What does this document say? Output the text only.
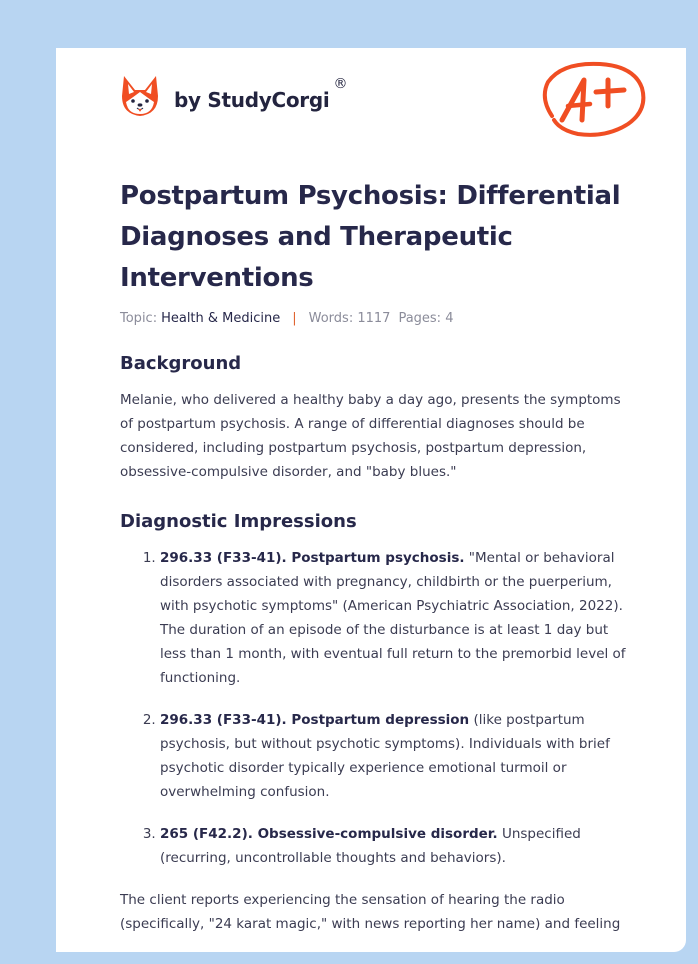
by StudyCorgi
®
Postpartum Psychosis: Differential Diagnoses and Therapeutic Interventions
Topic: Health & Medicine | Words: 1117 Pages: 4
Background

Melanie, who delivered a healthy baby a day ago, presents the symptoms of postpartum psychosis. A range of differential diagnoses should be considered, including postpartum psychosis, postpartum depression, obsessive-compulsive disorder, and "baby blues."

Diagnostic Impressions
1. 296.33 (F33-41). Postpartum psychosis. "Mental or behavioral disorders associated with pregnancy, childbirth or the puerperium, with psychotic symptoms" (American Psychiatric Association, 2022). The duration of an episode of the disturbance is at least 1 day but less than 1 month, with eventual full return to the premorbid level of functioning.
2. 296.33 (F33-41). Postpartum depression (like postpartum psychosis, but without psychotic symptoms). Individuals with brief psychotic disorder typically experience emotional turmoil or overwhelming confusion.
3. 265 (F42.2). Obsessive-compulsive disorder. Unspecified (recurring, uncontrollable thoughts and behaviors).

The client reports experiencing the sensation of hearing the radio (specifically, "24 karat magic," with news reporting her name) and feeling
